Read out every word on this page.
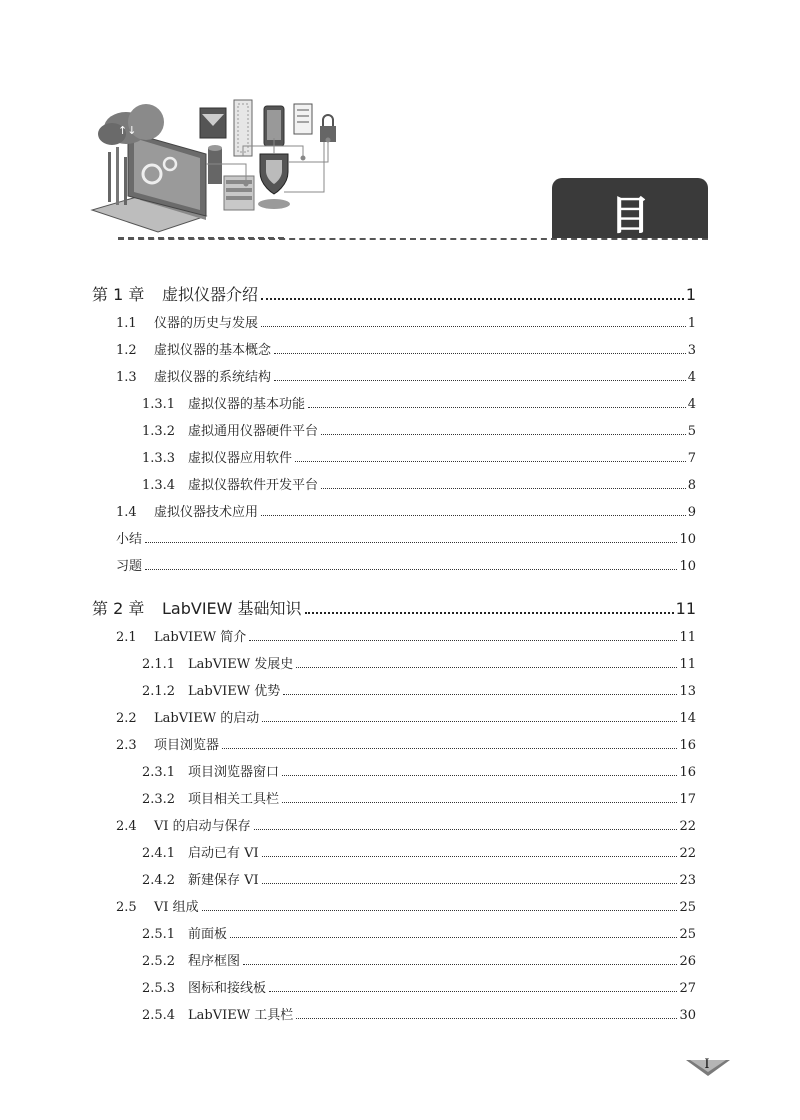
↑↓
目 录
第 1 章 虚拟仪器介绍	1
1.1 仪器的历史与发展	1
1.2 虚拟仪器的基本概念	3
1.3 虚拟仪器的系统结构	4
1.3.1 虚拟仪器的基本功能	4
1.3.2 虚拟通用仪器硬件平台	5
1.3.3 虚拟仪器应用软件	7
1.3.4 虚拟仪器软件开发平台	8
1.4 虚拟仪器技术应用	9
小结	10
习题	10
第 2 章 LabVIEW 基础知识	11
2.1 LabVIEW 简介	11
2.1.1 LabVIEW 发展史	11
2.1.2 LabVIEW 优势	13
2.2 LabVIEW 的启动	14
2.3 项目浏览器	16
2.3.1 项目浏览器窗口	16
2.3.2 项目相关工具栏	17
2.4 VI 的启动与保存	22
2.4.1 启动已有 VI	22
2.4.2 新建保存 VI	23
2.5 VI 组成	25
2.5.1 前面板	25
2.5.2 程序框图	26
2.5.3 图标和接线板	27
2.5.4 LabVIEW 工具栏	30
I
